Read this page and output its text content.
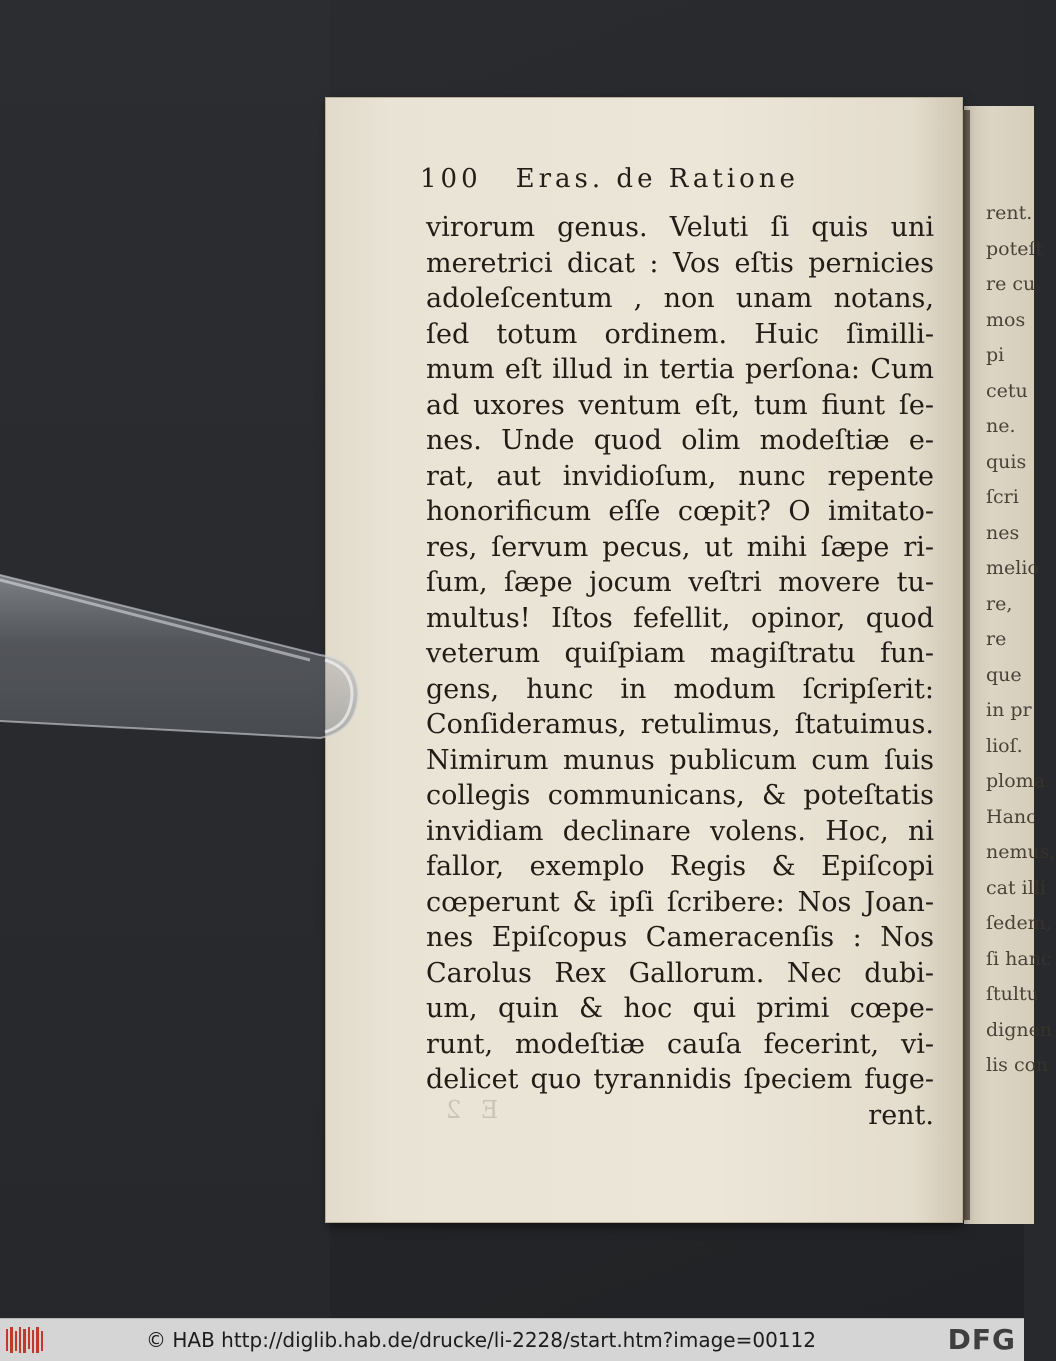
rent.
poteſt
re cu
mos
pi
cetu
ne.
quis
ſcri
nes
melio
re,
re
que
in pr
lioſ.
ploma
Hanc
nemus,
cat illi
ſedem,
ſi hanc
ſtultu
dignen
lis con
100 Eras. de Ratione
virorum genus. Veluti ſi quis uni
meretrici dicat : Vos eſtis pernicies
adoleſcentum , non unam notans,
ſed totum ordinem. Huic ſimilli-
mum eſt illud in tertia perſona: Cum
ad uxores ventum eſt, tum fiunt ſe-
nes. Unde quod olim modeſtiæ e-
rat, aut invidioſum, nunc repente
honorificum eſſe cœpit? O imitato-
res, ſervum pecus, ut mihi ſæpe ri-
ſum, ſæpe jocum veſtri movere tu-
multus! Iſtos fefellit, opinor, quod
veterum quiſpiam magiſtratu fun-
gens, hunc in modum ſcripſerit:
Conſideramus, retulimus, ſtatuimus.
Nimirum munus publicum cum ſuis
collegis communicans, & poteſtatis
invidiam declinare volens. Hoc, ni
fallor, exemplo Regis & Epiſcopi
cœperunt & ipſi ſcribere: Nos Joan-
nes Epiſcopus Cameracenſis : Nos
Carolus Rex Gallorum. Nec dubi-
um, quin & hoc qui primi cœpe-
runt, modeſtiæ cauſa fecerint, vi-
delicet quo tyrannidis ſpeciem fuge-
rent.
E 2
© HAB http://diglib.hab.de/drucke/li-2228/start.htm?image=00112	DFG
